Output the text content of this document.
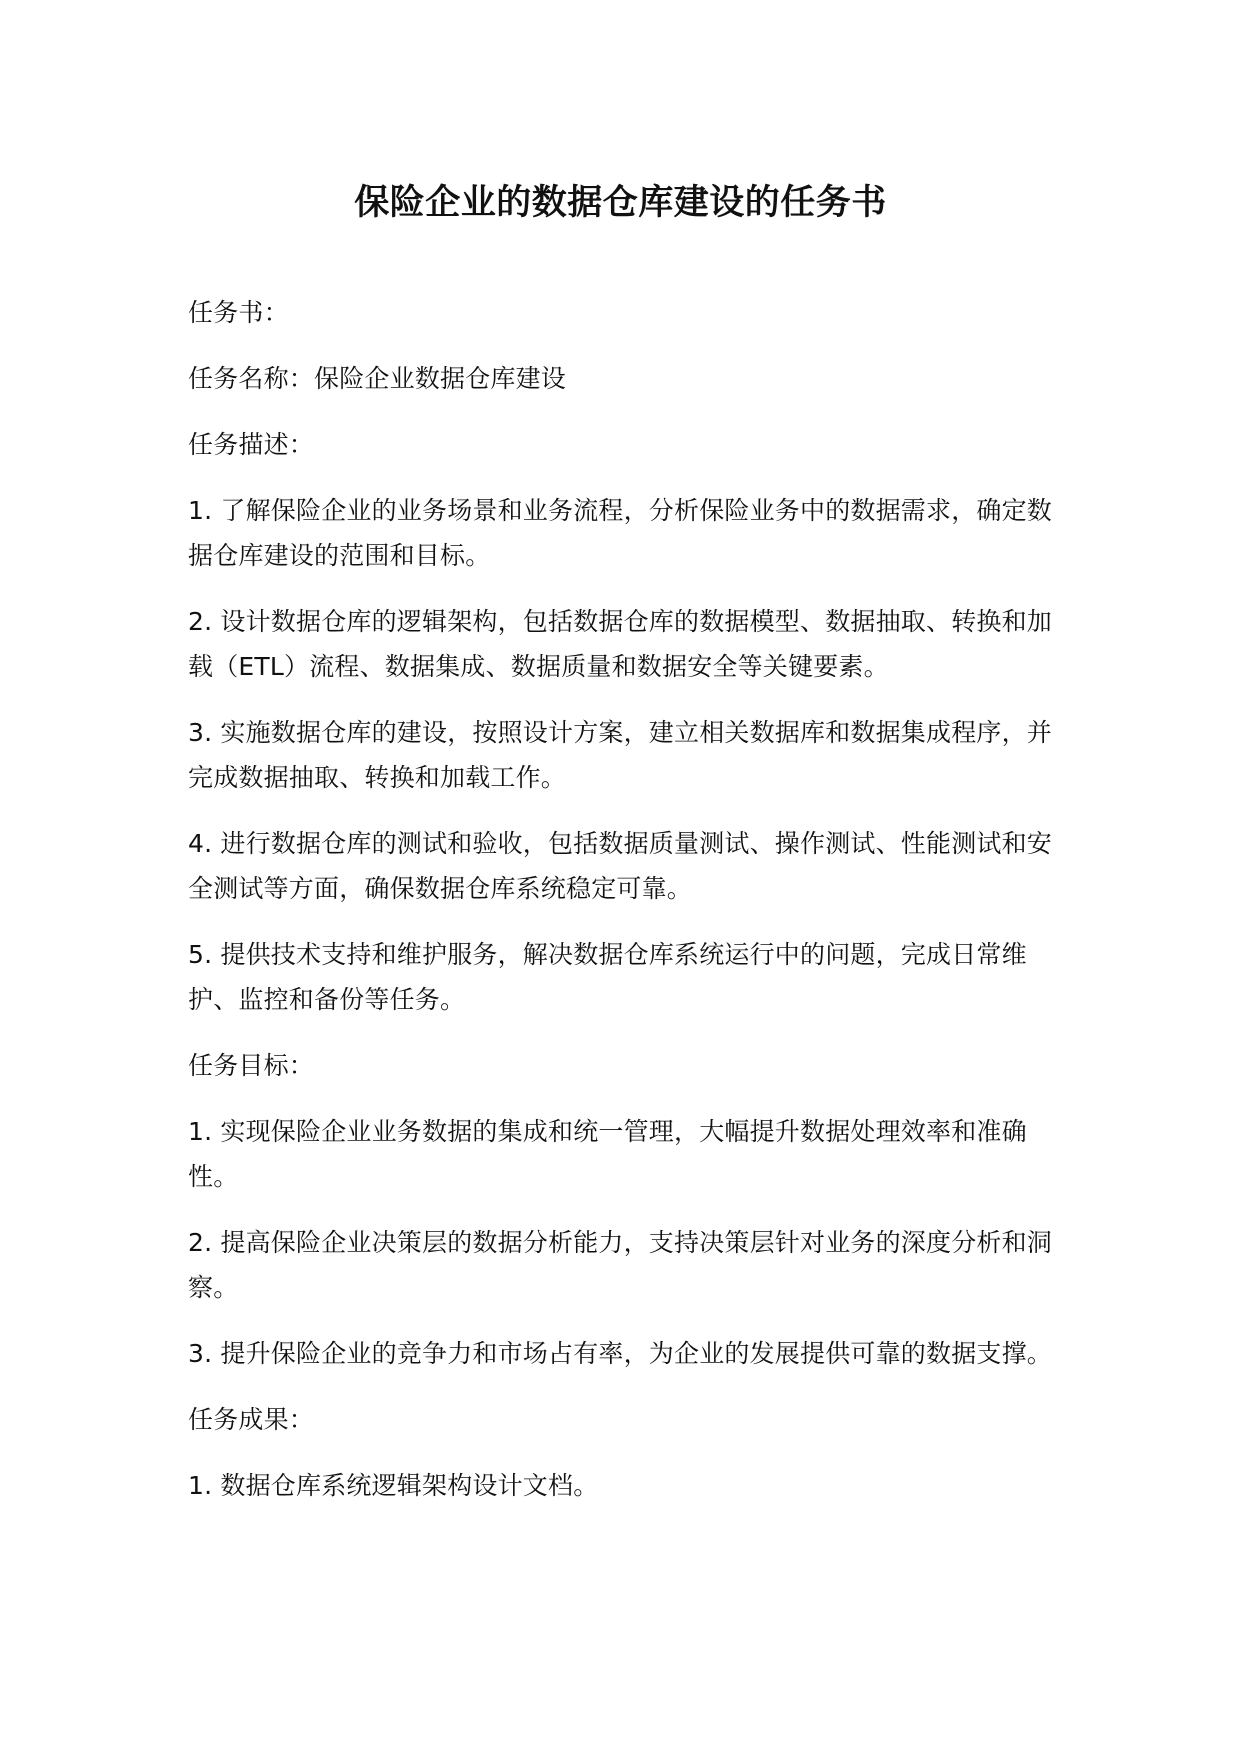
保险企业的数据仓库建设的任务书

任务书：

任务名称：保险企业数据仓库建设

任务描述：

1. 了解保险企业的业务场景和业务流程，分析保险业务中的数据需求，确定数据仓库建设的范围和目标。

2. 设计数据仓库的逻辑架构，包括数据仓库的数据模型、数据抽取、转换和加载（ETL）流程、数据集成、数据质量和数据安全等关键要素。

3. 实施数据仓库的建设，按照设计方案，建立相关数据库和数据集成程序，并完成数据抽取、转换和加载工作。

4. 进行数据仓库的测试和验收，包括数据质量测试、操作测试、性能测试和安全测试等方面，确保数据仓库系统稳定可靠。

5. 提供技术支持和维护服务，解决数据仓库系统运行中的问题，完成日常维护、监控和备份等任务。

任务目标：

1. 实现保险企业业务数据的集成和统一管理，大幅提升数据处理效率和准确性。

2. 提高保险企业决策层的数据分析能力，支持决策层针对业务的深度分析和洞察。

3. 提升保险企业的竞争力和市场占有率，为企业的发展提供可靠的数据支撑。

任务成果：

1. 数据仓库系统逻辑架构设计文档。
